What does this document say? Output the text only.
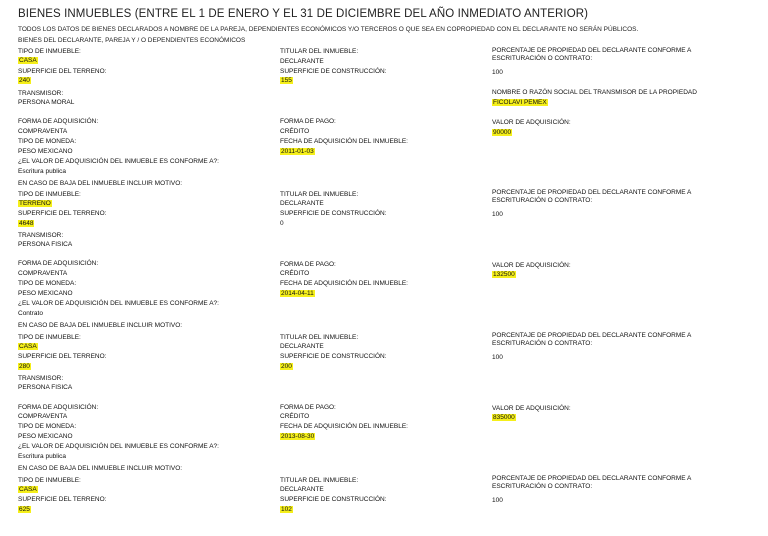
BIENES INMUEBLES (ENTRE EL 1 DE ENERO Y EL 31 DE DICIEMBRE DEL AÑO INMEDIATO ANTERIOR)
TODOS LOS DATOS DE BIENES DECLARADOS A NOMBRE DE LA PAREJA, DEPENDIENTES ECONÓMICOS Y/O TERCEROS O QUE SEA EN COPROPIEDAD CON EL DECLARANTE NO SERÁN PÚBLICOS.
BIENES DEL DECLARANTE, PAREJA Y / O DEPENDIENTES ECONÓMICOS
TIPO DE INMUEBLE:
CASA
SUPERFICIE DEL TERRENO:
240
TRANSMISOR:
PERSONA MORAL
TITULAR DEL INMUEBLE:
DECLARANTE
SUPERFICIE DE CONSTRUCCIÓN:
155
PORCENTAJE DE PROPIEDAD DEL DECLARANTE CONFORME A ESCRITURACIÓN O CONTRATO:
100
NOMBRE O RAZÓN SOCIAL DEL TRANSMISOR DE LA PROPIEDAD
FICOLAVI PEMEX
FORMA DE ADQUISICIÓN:
COMPRAVENTA
TIPO DE MONEDA:
PESO MEXICANO
¿EL VALOR DE ADQUISICIÓN DEL INMUEBLE ES CONFORME A?:
Escritura publica
EN CASO DE BAJA DEL INMUEBLE INCLUIR MOTIVO:
FORMA DE PAGO:
CRÉDITO
FECHA DE ADQUISICIÓN DEL INMUEBLE:
2011-01-03
VALOR DE ADQUISICIÓN:
90000
TIPO DE INMUEBLE:
TERRENO
SUPERFICIE DEL TERRENO:
4648
TRANSMISOR:
PERSONA FISICA
TITULAR DEL INMUEBLE:
DECLARANTE
SUPERFICIE DE CONSTRUCCIÓN:
0
PORCENTAJE DE PROPIEDAD DEL DECLARANTE CONFORME A ESCRITURACIÓN O CONTRATO:
100
FORMA DE ADQUISICIÓN:
COMPRAVENTA
TIPO DE MONEDA:
PESO MEXICANO
¿EL VALOR DE ADQUISICIÓN DEL INMUEBLE ES CONFORME A?:
Contrato
EN CASO DE BAJA DEL INMUEBLE INCLUIR MOTIVO:
FORMA DE PAGO:
CRÉDITO
FECHA DE ADQUISICIÓN DEL INMUEBLE:
2014-04-11
VALOR DE ADQUISICIÓN:
132500
TIPO DE INMUEBLE:
CASA
SUPERFICIE DEL TERRENO:
280
TRANSMISOR:
PERSONA FISICA
TITULAR DEL INMUEBLE:
DECLARANTE
SUPERFICIE DE CONSTRUCCIÓN:
200
PORCENTAJE DE PROPIEDAD DEL DECLARANTE CONFORME A ESCRITURACIÓN O CONTRATO:
100
FORMA DE ADQUISICIÓN:
COMPRAVENTA
TIPO DE MONEDA:
PESO MEXICANO
¿EL VALOR DE ADQUISICIÓN DEL INMUEBLE ES CONFORME A?:
Escritura publica
EN CASO DE BAJA DEL INMUEBLE INCLUIR MOTIVO:
FORMA DE PAGO:
CRÉDITO
FECHA DE ADQUISICIÓN DEL INMUEBLE:
2013-08-30
VALOR DE ADQUISICIÓN:
835000
TIPO DE INMUEBLE:
CASA
SUPERFICIE DEL TERRENO:
625
TITULAR DEL INMUEBLE:
DECLARANTE
SUPERFICIE DE CONSTRUCCIÓN:
102
PORCENTAJE DE PROPIEDAD DEL DECLARANTE CONFORME A ESCRITURACIÓN O CONTRATO:
100
